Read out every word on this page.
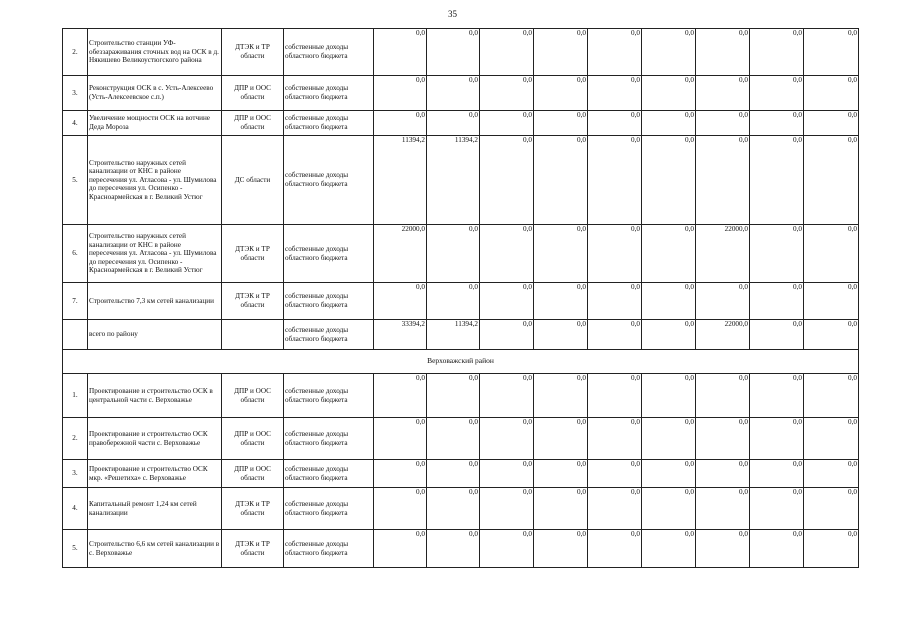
35
2.	Строительство станции УФ-обеззараживания сточных вод на ОСК в д. Някишево Великоустюгского района	ДТЭК и ТР области	собственные доходы областного бюджета	0,0	0,0	0,0	0,0	0,0	0,0	0,0	0,0	0,0
3.	Реконструкция ОСК в с. Усть-Алексеево (Усть-Алексеевское с.п.)	ДПР и ООС области	собственные доходы областного бюджета	0,0	0,0	0,0	0,0	0,0	0,0	0,0	0,0	0,0
4.	Увеличение мощности ОСК на вотчине Деда Мороза	ДПР и ООС области	собственные доходы областного бюджета	0,0	0,0	0,0	0,0	0,0	0,0	0,0	0,0	0,0
5.	Строительство наружных сетей канализации от КНС в районе пересечения ул. Атласова - ул. Шумилова до пересечения ул. Осипенко - Красноармейская в г. Великий Устюг	ДС области	собственные доходы областного бюджета	11394,2	11394,2	0,0	0,0	0,0	0,0	0,0	0,0	0,0
6.	Строительство наружных сетей канализации от КНС в районе пересечения ул. Атласова - ул. Шумилова до пересечения ул. Осипенко - Красноармейская в г. Великий Устюг	ДТЭК и ТР области	собственные доходы областного бюджета	22000,0	0,0	0,0	0,0	0,0	0,0	22000,0	0,0	0,0
7.	Строительство 7,3 км сетей канализации	ДТЭК и ТР области	собственные доходы областного бюджета	0,0	0,0	0,0	0,0	0,0	0,0	0,0	0,0	0,0
	всего по району		собственные доходы областного бюджета	33394,2	11394,2	0,0	0,0	0,0	0,0	22000,0	0,0	0,0
Верховажский район												
1.	Проектирование и строительство ОСК в центральной части с. Верховажье	ДПР и ООС области	собственные доходы областного бюджета	0,0	0,0	0,0	0,0	0,0	0,0	0,0	0,0	0,0
2.	Проектирование и строительство ОСК правобережной части с. Верховажье	ДПР и ООС области	собственные доходы областного бюджета	0,0	0,0	0,0	0,0	0,0	0,0	0,0	0,0	0,0
3.	Проектирование и строительство ОСК мкр. «Решетиха» с. Верховажье	ДПР и ООС области	собственные доходы областного бюджета	0,0	0,0	0,0	0,0	0,0	0,0	0,0	0,0	0,0
4.	Капитальный ремонт 1,24 км сетей канализации	ДТЭК и ТР области	собственные доходы областного бюджета	0,0	0,0	0,0	0,0	0,0	0,0	0,0	0,0	0,0
5.	Строительство 6,6 км сетей канализации в с. Верховажье	ДТЭК и ТР области	собственные доходы областного бюджета	0,0	0,0	0,0	0,0	0,0	0,0	0,0	0,0	0,0
